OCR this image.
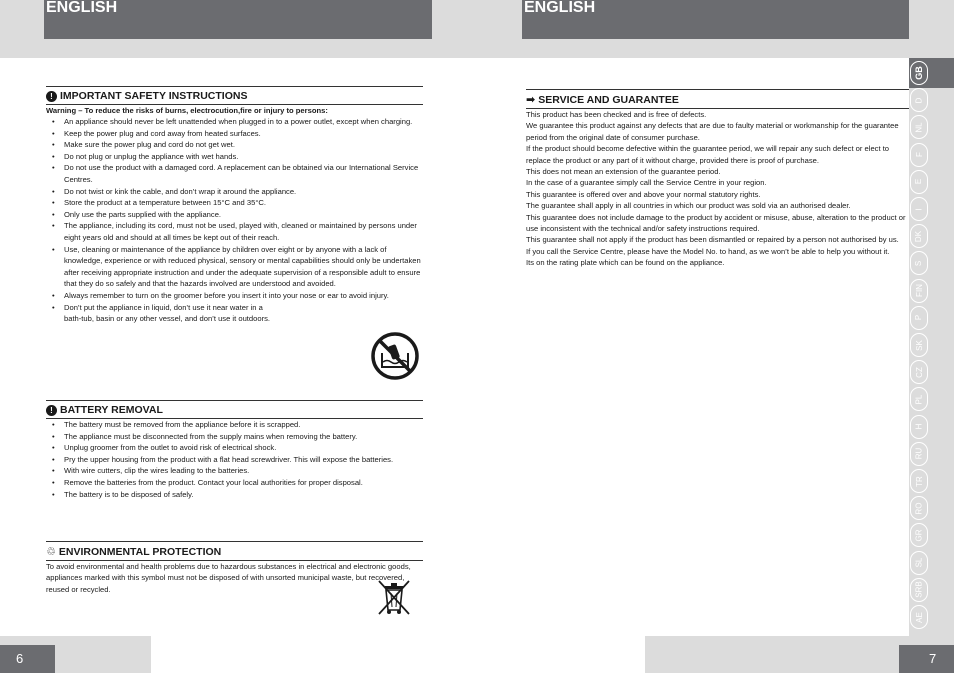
ENGLISH	ENGLISH
6	7
GB
D
NL
F
E
I
DK
S
FIN
P
SK
CZ
PL
H
RU
TR
RO
GR
SL
SRB
AE
! IMPORTANT SAFETY INSTRUCTIONS
Warning – To reduce the risks of burns, electrocution,fire or injury to persons:
• An appliance should never be left unattended when plugged in to a power outlet, except when charging.
• Keep the power plug and cord away from heated surfaces.
• Make sure the power plug and cord do not get wet.
• Do not plug or unplug the appliance with wet hands.
• Do not use the product with a damaged cord. A replacement can be obtained via our International Service Centres.
• Do not twist or kink the cable, and don’t wrap it around the appliance.
• Store the product at a temperature between 15°C and 35°C.
• Only use the parts supplied with the appliance.
• The appliance, including its cord, must not be used, played with, cleaned or maintained by persons under eight years old and should at all times be kept out of their reach.
• Use, cleaning or maintenance of the appliance by children over eight or by anyone with a lack of knowledge, experience or with reduced physical, sensory or mental capabilities should only be undertaken after receiving appropriate instruction and under the adequate supervision of a responsible adult to ensure that they do so safely and that the hazards involved are understood and avoided.
• Always remember to turn on the groomer before you insert it into your nose or ear to avoid injury.
• Don’t put the appliance in liquid, don’t use it near water in a bath-tub, basin or any other vessel, and don’t use it outdoors.
! BATTERY REMOVAL
• The battery must be removed from the appliance before it is scrapped.
• The appliance must be disconnected from the supply mains when removing the battery.
• Unplug groomer from the outlet to avoid risk of electrical shock.
• Pry the upper housing from the product with a flat head screwdriver. This will expose the batteries.
• With wire cutters, clip the wires leading to the batteries.
• Remove the batteries from the product. Contact your local authorities for proper disposal.
• The battery is to be disposed of safely.
♲ ENVIRONMENTAL PROTECTION
To avoid environmental and health problems due to hazardous substances in electrical and electronic goods, appliances marked with this symbol must not be disposed of with unsorted municipal waste, but recovered, reused or recycled.
➡ SERVICE AND GUARANTEE
This product has been checked and is free of defects.
We guarantee this product against any defects that are due to faulty material or workmanship for the guarantee period from the original date of consumer purchase.
If the product should become defective within the guarantee period, we will repair any such defect or elect to replace the product or any part of it without charge, provided there is proof of purchase.
This does not mean an extension of the guarantee period.
In the case of a guarantee simply call the Service Centre in your region.
This guarantee is offered over and above your normal statutory rights.
The guarantee shall apply in all countries in which our product was sold via an authorised dealer.
This guarantee does not include damage to the product by accident or misuse, abuse, alteration to the product or use inconsistent with the technical and/or safety instructions required.
This guarantee shall not apply if the product has been dismantled or repaired by a person not authorised by us.
If you call the Service Centre, please have the Model No. to hand, as we won’t be able to help you without it.
Its on the rating plate which can be found on the appliance.
